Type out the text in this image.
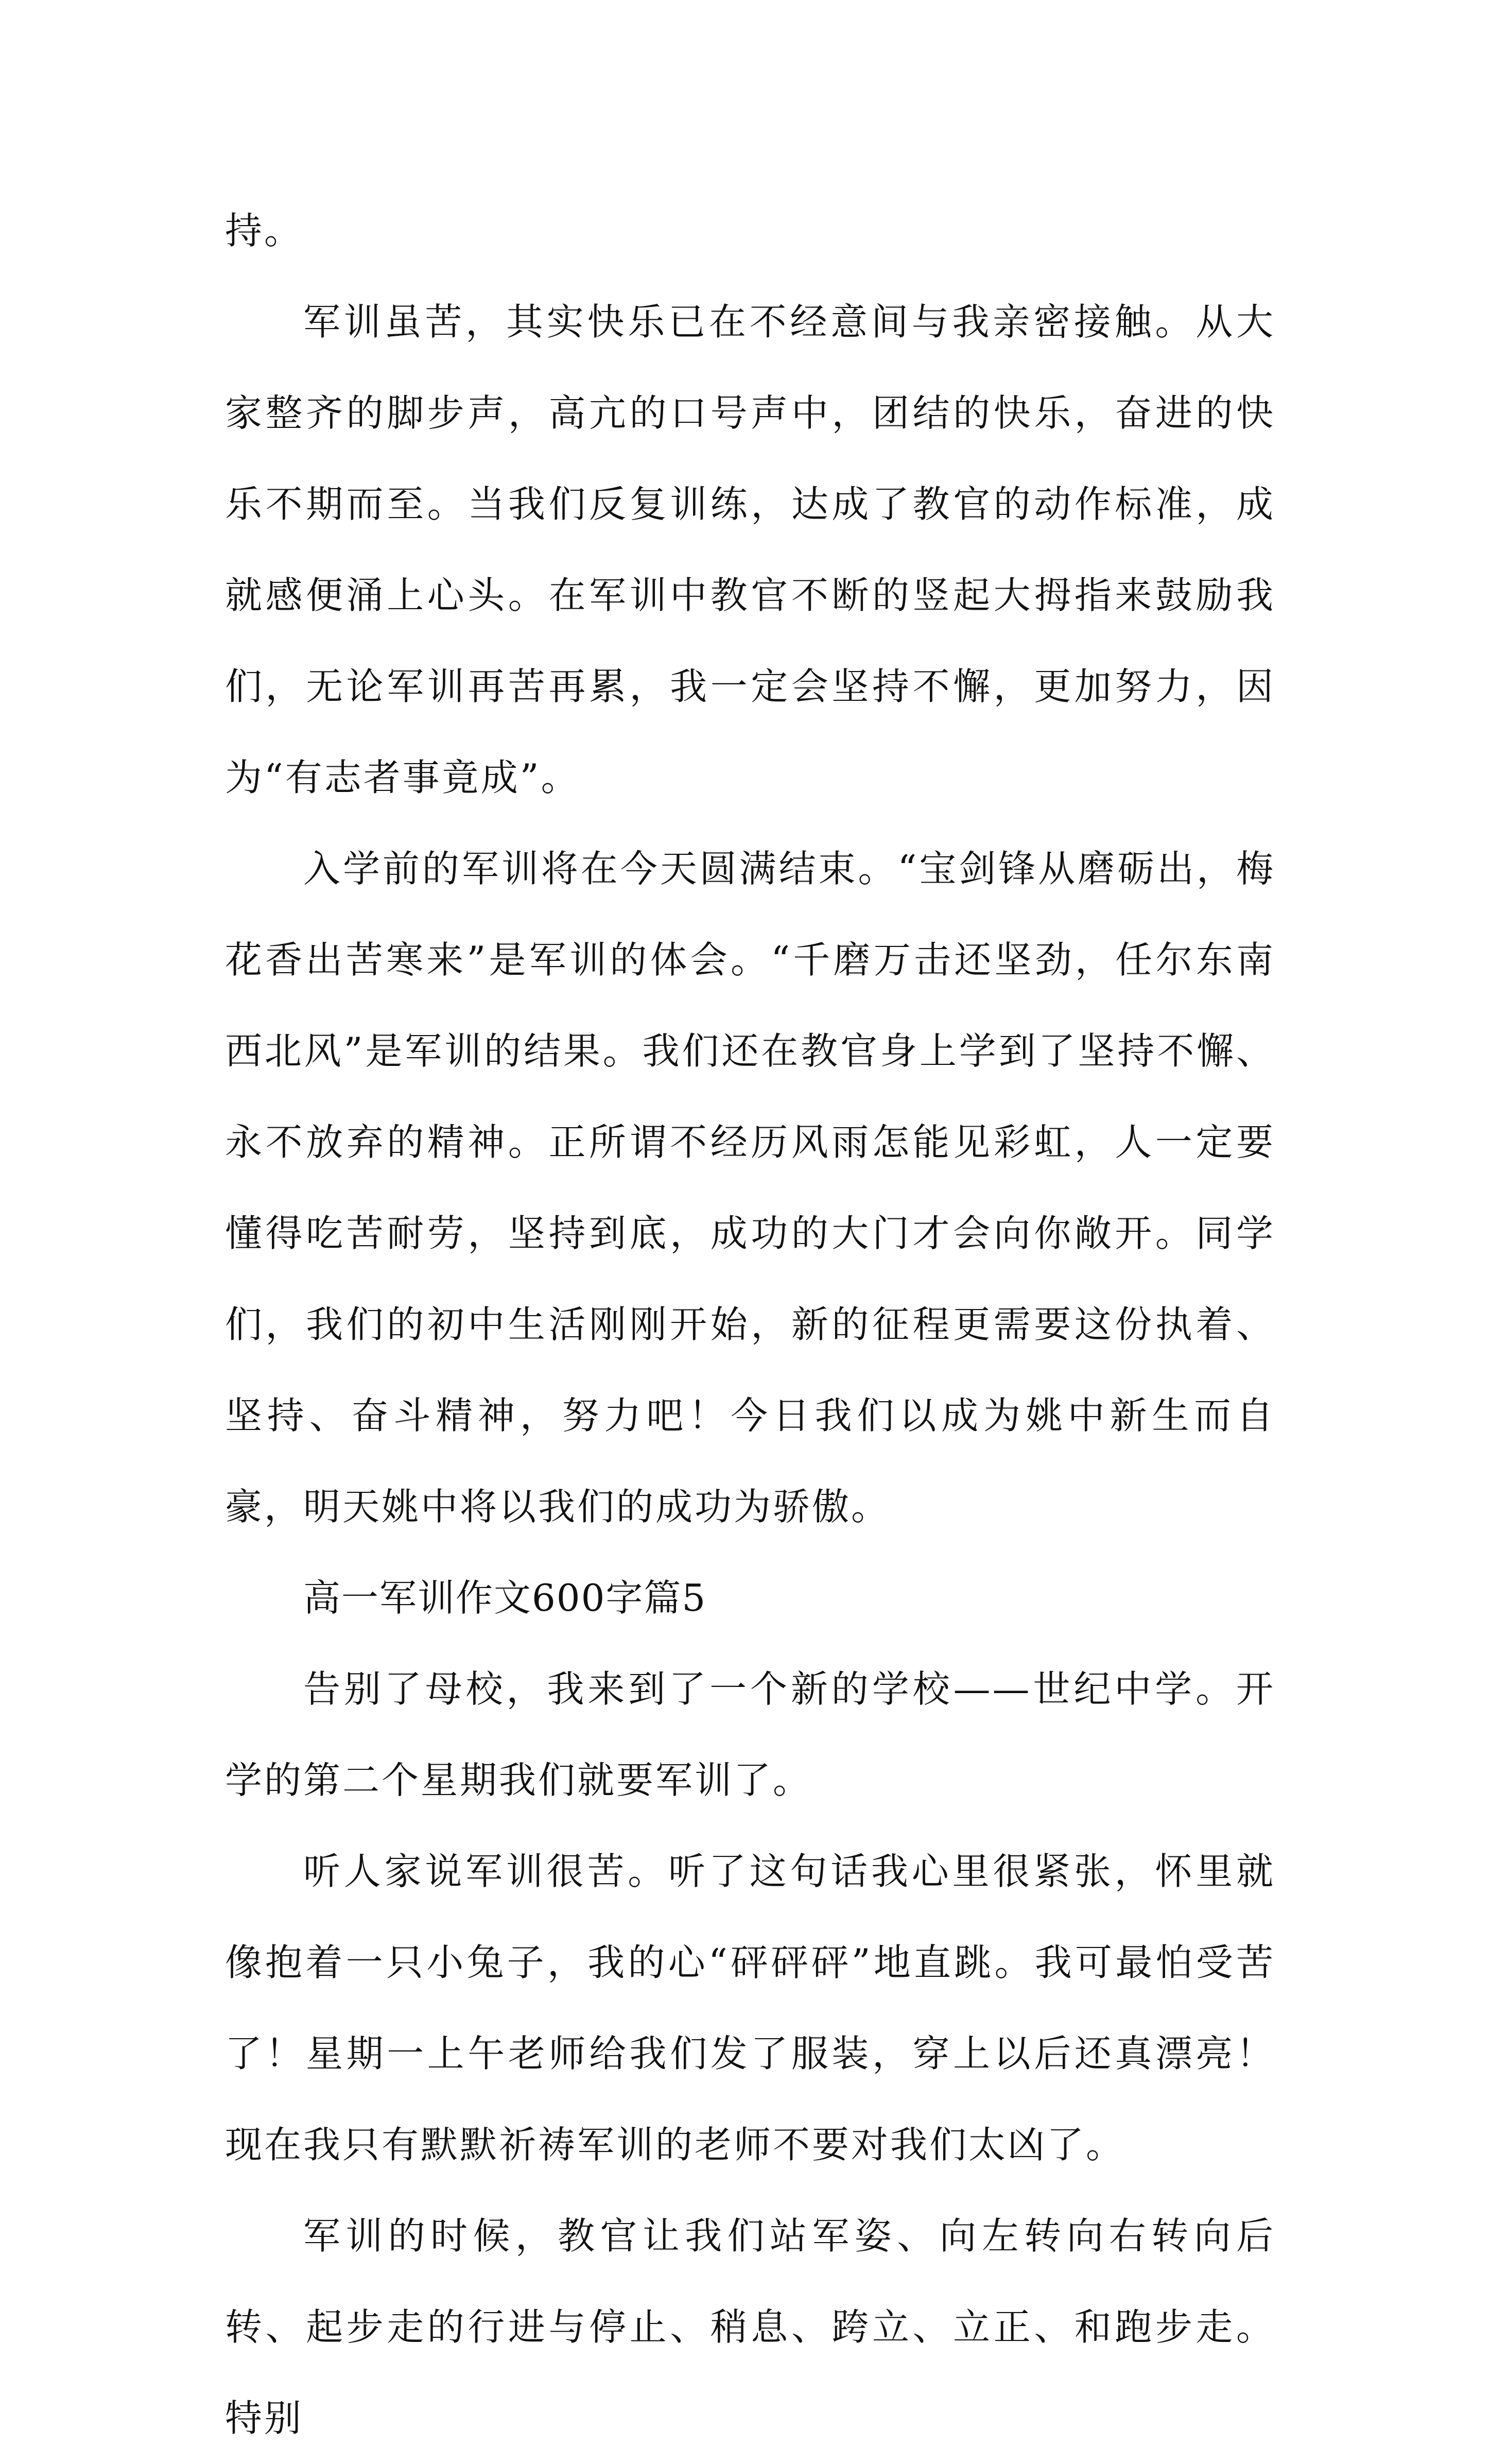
持。

军训虽苦，其实快乐已在不经意间与我亲密接触。从大家整齐的脚步声，高亢的口号声中，团结的快乐，奋进的快乐不期而至。当我们反复训练，达成了教官的动作标准，成就感便涌上心头。在军训中教官不断的竖起大拇指来鼓励我们，无论军训再苦再累，我一定会坚持不懈，更加努力，因为“有志者事竟成”。

入学前的军训将在今天圆满结束。“宝剑锋从磨砺出，梅花香出苦寒来”是军训的体会。“千磨万击还坚劲，任尔东南西北风”是军训的结果。我们还在教官身上学到了坚持不懈、永不放弃的精神。正所谓不经历风雨怎能见彩虹，人一定要懂得吃苦耐劳，坚持到底，成功的大门才会向你敞开。同学们，我们的初中生活刚刚开始，新的征程更需要这份执着、坚持、奋斗精神，努力吧！今日我们以成为姚中新生而自豪，明天姚中将以我们的成功为骄傲。

高一军训作文600字篇5

告别了母校，我来到了一个新的学校——世纪中学。开学的第二个星期我们就要军训了。

听人家说军训很苦。听了这句话我心里很紧张，怀里就像抱着一只小兔子，我的心“砰砰砰”地直跳。我可最怕受苦了！星期一上午老师给我们发了服装，穿上以后还真漂亮！现在我只有默默祈祷军训的老师不要对我们太凶了。

军训的时候，教官让我们站军姿、向左转向右转向后转、起步走的行进与停止、稍息、跨立、立正、和跑步走。特别
